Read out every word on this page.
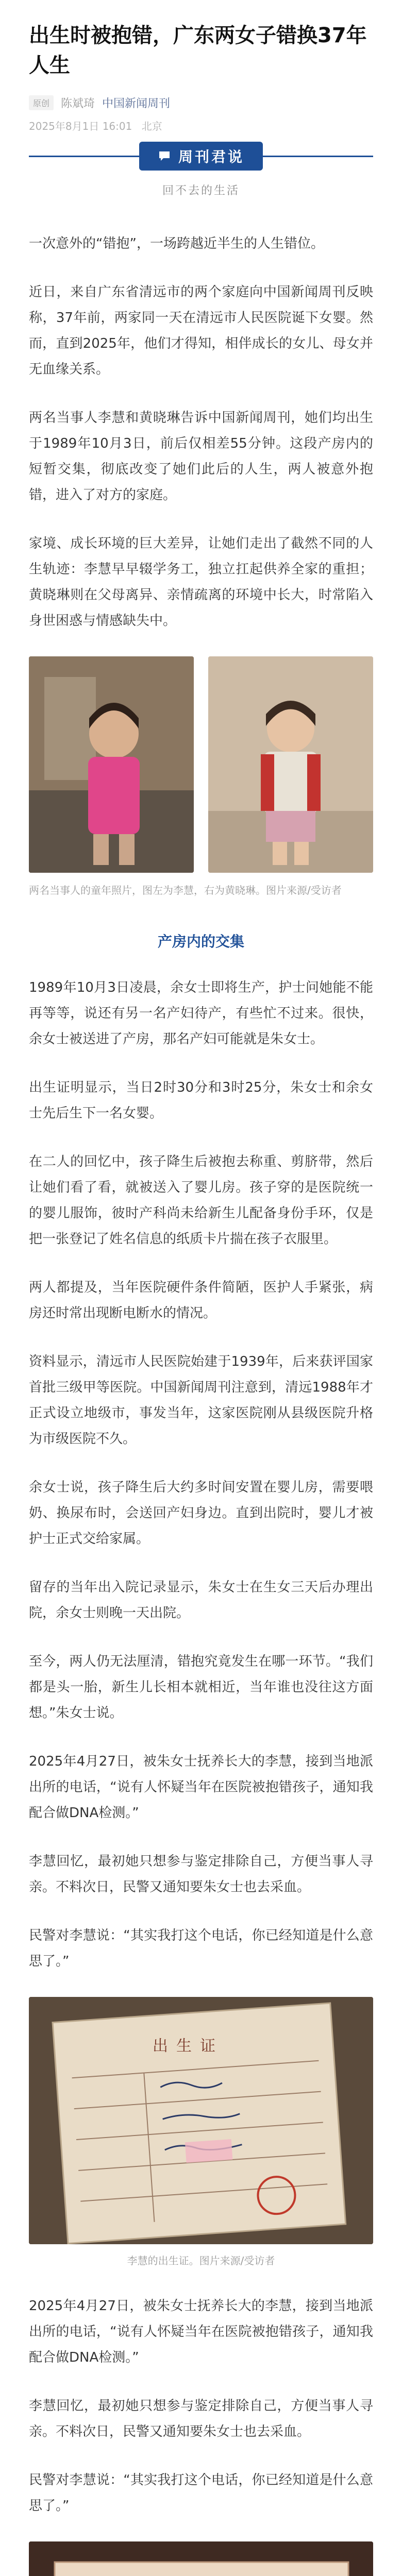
出生时被抱错，广东两女子错换37年人生
原创	陈斌琦 中国新闻周刊
2025年8月1日 16:01 北京
周刊君说
回不去的生活

一次意外的“错抱”，一场跨越近半生的人生错位。

近日，来自广东省清远市的两个家庭向中国新闻周刊反映称，37年前，两家同一天在清远市人民医院诞下女婴。然而，直到2025年，他们才得知，相伴成长的女儿、母女并无血缘关系。

两名当事人李慧和黄晓琳告诉中国新闻周刊，她们均出生于1989年10月3日，前后仅相差55分钟。这段产房内的短暂交集，彻底改变了她们此后的人生，两人被意外抱错，进入了对方的家庭。

家境、成长环境的巨大差异，让她们走出了截然不同的人生轨迹：李慧早早辍学务工，独立扛起供养全家的重担；黄晓琳则在父母离异、亲情疏离的环境中长大，时常陷入身世困惑与情感缺失中。

两名当事人的童年照片，图左为李慧，右为黄晓琳。图片来源/受访者
产房内的交集

1989年10月3日凌晨，余女士即将生产，护士问她能不能再等等，说还有另一名产妇待产，有些忙不过来。很快，余女士被送进了产房，那名产妇可能就是朱女士。

出生证明显示，当日2时30分和3时25分，朱女士和余女士先后生下一名女婴。

在二人的回忆中，孩子降生后被抱去称重、剪脐带，然后让她们看了看，就被送入了婴儿房。孩子穿的是医院统一的婴儿服饰，彼时产科尚未给新生儿配备身份手环，仅是把一张登记了姓名信息的纸质卡片揣在孩子衣服里。

两人都提及，当年医院硬件条件简陋，医护人手紧张，病房还时常出现断电断水的情况。

资料显示，清远市人民医院始建于1939年，后来获评国家首批三级甲等医院。中国新闻周刊注意到，清远1988年才正式设立地级市，事发当年，这家医院刚从县级医院升格为市级医院不久。

余女士说，孩子降生后大约多时间安置在婴儿房，需要喂奶、换尿布时，会送回产妇身边。直到出院时，婴儿才被护士正式交给家属。

留存的当年出入院记录显示，朱女士在生女三天后办理出院，余女士则晚一天出院。

至今，两人仍无法厘清，错抱究竟发生在哪一环节。“我们都是头一胎，新生儿长相本就相近，当年谁也没往这方面想。”朱女士说。

2025年4月27日，被朱女士抚养长大的李慧，接到当地派出所的电话，“说有人怀疑当年在医院被抱错孩子，通知我配合做DNA检测。”

李慧回忆，最初她只想参与鉴定排除自己，方便当事人寻亲。不料次日，民警又通知要朱女士也去采血。

民警对李慧说：“其实我打这个电话，你已经知道是什么意思了。”

出生证
李慧的出生证。图片来源/受访者

2025年4月27日，被朱女士抚养长大的李慧，接到当地派出所的电话，“说有人怀疑当年在医院被抱错孩子，通知我配合做DNA检测。”

李慧回忆，最初她只想参与鉴定排除自己，方便当事人寻亲。不料次日，民警又通知要朱女士也去采血。

民警对李慧说：“其实我打这个电话，你已经知道是什么意思了。”
